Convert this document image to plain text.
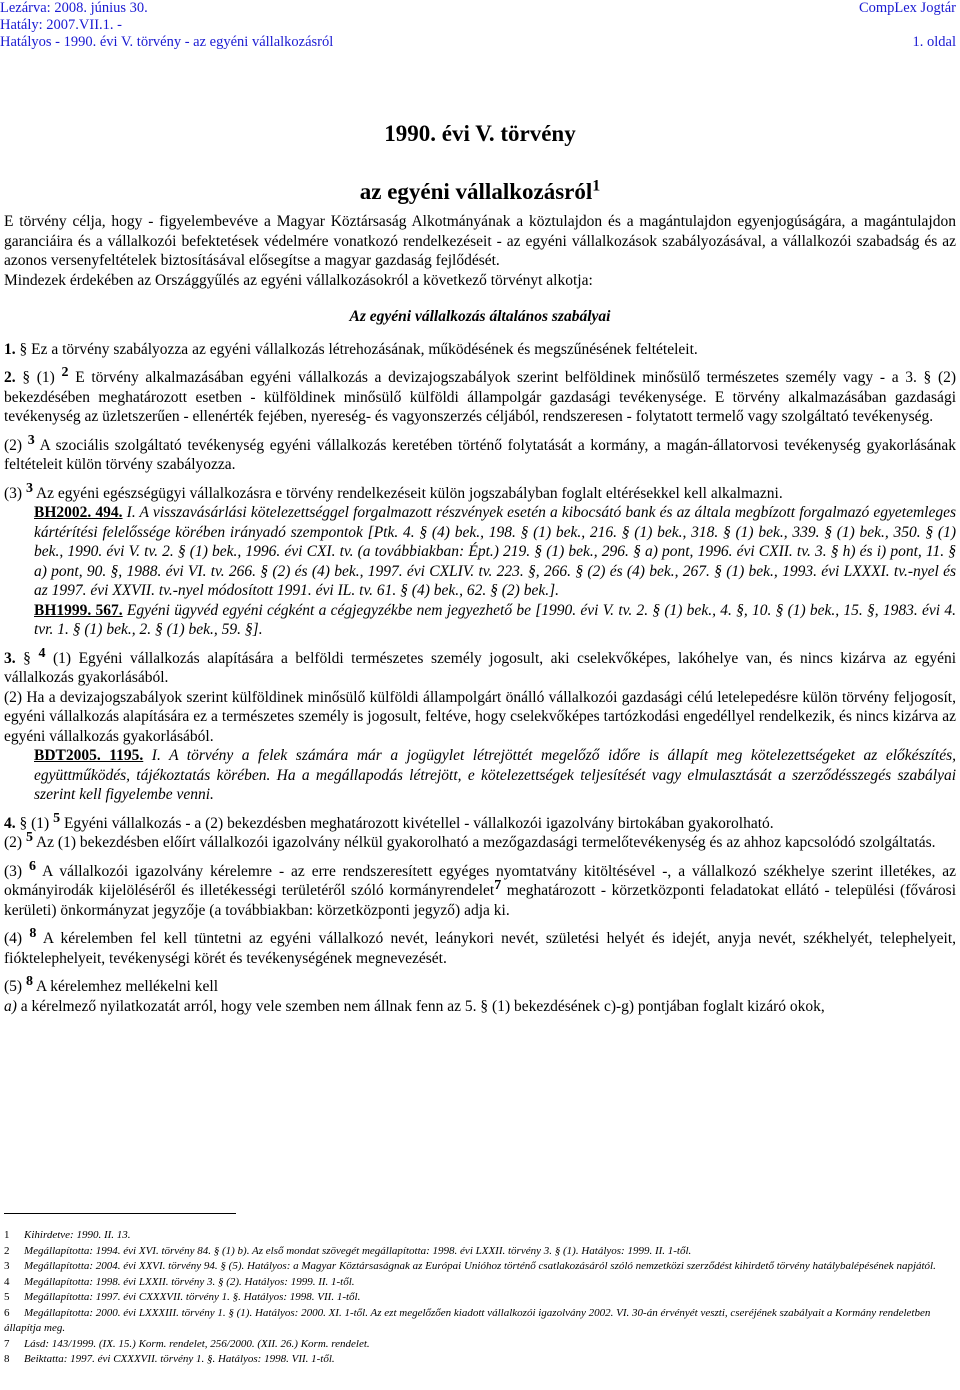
Lezárva: 2008. június 30.
Hatály: 2007.VII.1. -
Hatályos - 1990. évi V. törvény - az egyéni vállalkozásról
CompLex Jogtár

1. oldal
1990. évi V. törvény
az egyéni vállalkozásról$^1$

E törvény célja, hogy - figyelembevéve a Magyar Köztársaság Alkotmányának a köztulajdon és a magántulajdon egyenjogúságára, a magántulajdon garanciáira és a vállalkozói befektetések védelmére vonatkozó rendelkezéseit - az egyéni vállalkozások szabályozásával, a vállalkozói szabadság és az azonos versenyfeltételek biztosításával elősegítse a magyar gazdaság fejlődését.

Mindezek érdekében az Országgyűlés az egyéni vállalkozásokról a következő törvényt alkotja:

Az egyéni vállalkozás általános szabályai

1. § Ez a törvény szabályozza az egyéni vállalkozás létrehozásának, működésének és megszűnésének feltételeit.

2. § (1) 2 E törvény alkalmazásában egyéni vállalkozás a devizajogszabályok szerint belföldinek minősülő természetes személy vagy - a 3. § (2) bekezdésében meghatározott esetben - külföldinek minősülő külföldi állampolgár gazdasági tevékenysége. E törvény alkalmazásában gazdasági tevékenység az üzletszerűen - ellenérték fejében, nyereség- és vagyonszerzés céljából, rendszeresen - folytatott termelő vagy szolgáltató tevékenység.

(2) 3 A szociális szolgáltató tevékenység egyéni vállalkozás keretében történő folytatását a kormány, a magán-állatorvosi tevékenység gyakorlásának feltételeit külön törvény szabályozza.

(3) 3 Az egyéni egészségügyi vállalkozásra e törvény rendelkezéseit külön jogszabályban foglalt eltérésekkel kell alkalmazni.

BH2002. 494. I. A visszavásárlási kötelezettséggel forgalmazott részvények esetén a kibocsátó bank és az általa megbízott forgalmazó egyetemleges kártérítési felelőssége körében irányadó szempontok [Ptk. 4. § (4) bek., 198. § (1) bek., 216. § (1) bek., 318. § (1) bek., 339. § (1) bek., 350. § (1) bek., 1990. évi V. tv. 2. § (1) bek., 1996. évi CXI. tv. (a továbbiakban: Épt.) 219. § (1) bek., 296. § a) pont, 1996. évi CXII. tv. 3. § h) és i) pont, 11. § a) pont, 90. §, 1988. évi VI. tv. 266. § (2) és (4) bek., 1997. évi CXLIV. tv. 223. §, 266. § (2) és (4) bek., 267. § (1) bek., 1993. évi LXXXI. tv.-nyel és az 1997. évi XXVII. tv.-nyel módosított 1991. évi IL. tv. 61. § (4) bek., 62. § (2) bek.].

BH1999. 567. Egyéni ügyvéd egyéni cégként a cégjegyzékbe nem jegyezhető be [1990. évi V. tv. 2. § (1) bek., 4. §, 10. § (1) bek., 15. §, 1983. évi 4. tvr. 1. § (1) bek., 2. § (1) bek., 59. §].

3. § 4 (1) Egyéni vállalkozás alapítására a belföldi természetes személy jogosult, aki cselekvőképes, lakóhelye van, és nincs kizárva az egyéni vállalkozás gyakorlásából.

(2) Ha a devizajogszabályok szerint külföldinek minősülő külföldi állampolgárt önálló vállalkozói gazdasági célú letelepedésre külön törvény feljogosít, egyéni vállalkozás alapítására ez a természetes személy is jogosult, feltéve, hogy cselekvőképes tartózkodási engedéllyel rendelkezik, és nincs kizárva az egyéni vállalkozás gyakorlásából.

BDT2005. 1195. I. A törvény a felek számára már a jogügylet létrejöttét megelőző időre is állapít meg kötelezettségeket az előkészítés, együttműködés, tájékoztatás körében. Ha a megállapodás létrejött, e kötelezettségek teljesítését vagy elmulasztását a szerződésszegés szabályai szerint kell figyelembe venni.

4. § (1) 5 Egyéni vállalkozás - a (2) bekezdésben meghatározott kivétellel - vállalkozói igazolvány birtokában gyakorolható.

(2) 5 Az (1) bekezdésben előírt vállalkozói igazolvány nélkül gyakorolható a mezőgazdasági termelőtevékenység és az ahhoz kapcsolódó szolgáltatás.

(3) 6 A vállalkozói igazolvány kérelemre - az erre rendszeresített egyéges nyomtatvány kitöltésével -, a vállalkozó székhelye szerint illetékes, az okmányirodák kijelöléséről és illetékességi területéről szóló kormányrendelet7 meghatározott - körzetközponti feladatokat ellátó - települési (fővárosi kerületi) önkormányzat jegyzője (a továbbiakban: körzetközponti jegyző) adja ki.

(4) 8 A kérelemben fel kell tüntetni az egyéni vállalkozó nevét, leánykori nevét, születési helyét és idejét, anyja nevét, székhelyét, telephelyeit, fióktelephelyeit, tevékenységi körét és tevékenységének megnevezését.

(5) 8 A kérelemhez mellékelni kell

a) a kérelmező nyilatkozatát arról, hogy vele szemben nem állnak fenn az 5. § (1) bekezdésének c)-g) pontjában foglalt kizáró okok,

1 Kihirdetve: 1990. II. 13.
2 Megállapította: 1994. évi XVI. törvény 84. § (1) b). Az első mondat szövegét megállapította: 1998. évi LXXII. törvény 3. § (1). Hatályos: 1999. II. 1-től.
3 Megállapította: 2004. évi XXVI. törvény 94. § (5). Hatályos: a Magyar Köztársaságnak az Európai Unióhoz történő csatlakozásáról szóló nemzetközi szerződést kihirdető törvény hatálybalépésének napjától.
4 Megállapította: 1998. évi LXXII. törvény 3. § (2). Hatályos: 1999. II. 1-től.
5 Megállapította: 1997. évi CXXXVII. törvény 1. §. Hatályos: 1998. VII. 1-től.
6 Megállapította: 2000. évi LXXXIII. törvény 1. § (1). Hatályos: 2000. XI. 1-től. Az ezt megelőzően kiadott vállalkozói igazolvány 2002. VI. 30-án érvényét veszti, cseréjének szabályait a Kormány rendeletben állapítja meg.
7 Lásd: 143/1999. (IX. 15.) Korm. rendelet, 256/2000. (XII. 26.) Korm. rendelet.
8 Beiktatta: 1997. évi CXXXVII. törvény 1. §. Hatályos: 1998. VII. 1-től.
